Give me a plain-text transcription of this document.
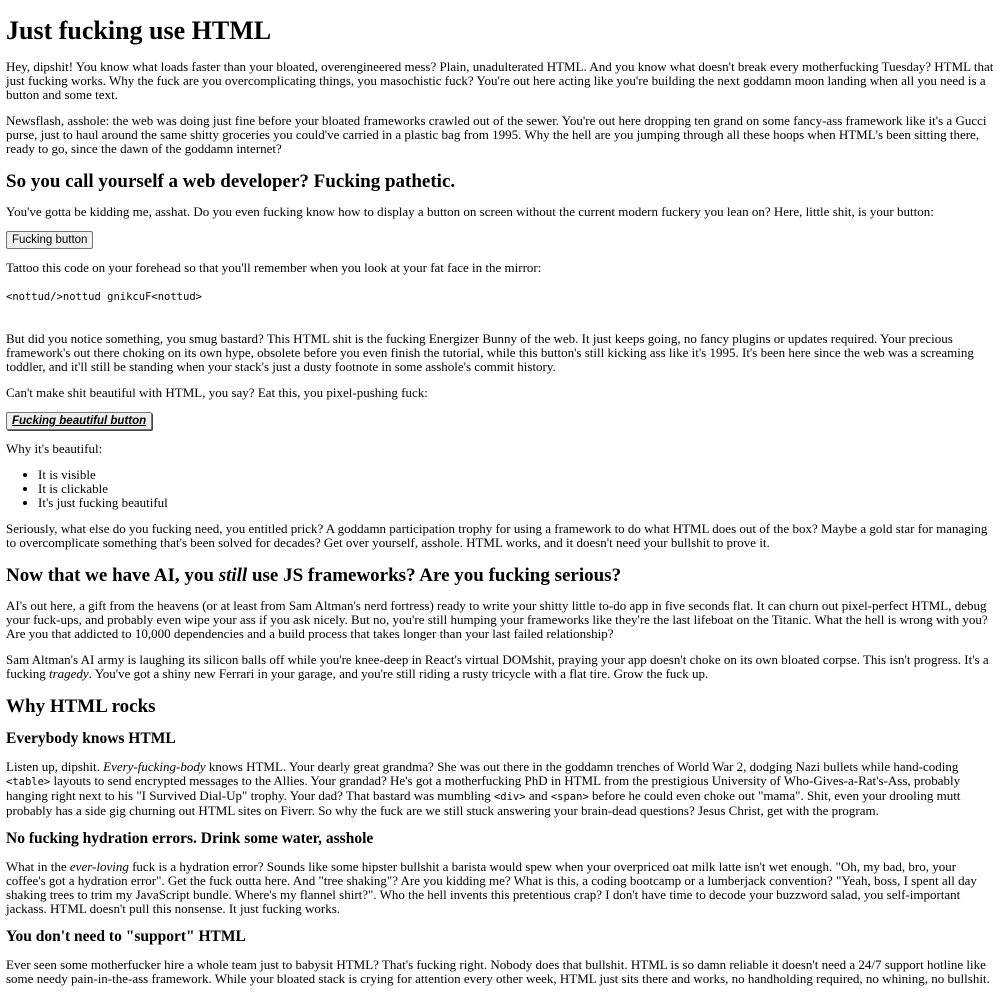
Just fucking use HTML

Hey, dipshit! You know what loads faster than your bloated, overengineered mess? Plain, unadulterated HTML. And you know what doesn't break every motherfucking Tuesday? HTML that just fucking works. Why the fuck are you overcomplicating things, you masochistic fuck? You're out here acting like you're building the next goddamn moon landing when all you need is a button and some text.

Newsflash, asshole: the web was doing just fine before your bloated frameworks crawled out of the sewer. You're out here dropping ten grand on some fancy-ass framework like it's a Gucci purse, just to haul around the same shitty groceries you could've carried in a plastic bag from 1995. Why the hell are you jumping through all these hoops when HTML's been sitting there, ready to go, since the dawn of the goddamn internet?

So you call yourself a web developer? Fucking pathetic.

You've gotta be kidding me, asshat. Do you even fucking know how to display a button on screen without the current modern fuckery you lean on? Here, little shit, is your button:

Fucking button

Tattoo this code on your forehead so that you'll remember when you look at your fat face in the mirror:

<nottud/>nottud gnikcuF<nottud>

But did you notice something, you smug bastard? This HTML shit is the fucking Energizer Bunny of the web. It just keeps going, no fancy plugins or updates required. Your precious framework's out there choking on its own hype, obsolete before you even finish the tutorial, while this button's still kicking ass like it's 1995. It's been here since the web was a screaming toddler, and it'll still be standing when your stack's just a dusty footnote in some asshole's commit history.

Can't make shit beautiful with HTML, you say? Eat this, you pixel-pushing fuck:

Fucking beautiful button

Why it's beautiful:

• It is visible
• It is clickable
• It's just fucking beautiful

Seriously, what else do you fucking need, you entitled prick? A goddamn participation trophy for using a framework to do what HTML does out of the box? Maybe a gold star for managing to overcomplicate something that's been solved for decades? Get over yourself, asshole. HTML works, and it doesn't need your bullshit to prove it.

Now that we have AI, you still use JS frameworks? Are you fucking serious?

AI's out here, a gift from the heavens (or at least from Sam Altman's nerd fortress) ready to write your shitty little to-do app in five seconds flat. It can churn out pixel-perfect HTML, debug your fuck-ups, and probably even wipe your ass if you ask nicely. But no, you're still humping your frameworks like they're the last lifeboat on the Titanic. What the hell is wrong with you? Are you that addicted to 10,000 dependencies and a build process that takes longer than your last failed relationship?

Sam Altman's AI army is laughing its silicon balls off while you're knee-deep in React's virtual DOMshit, praying your app doesn't choke on its own bloated corpse. This isn't progress. It's a fucking tragedy. You've got a shiny new Ferrari in your garage, and you're still riding a rusty tricycle with a flat tire. Grow the fuck up.

Why HTML rocks
Everybody knows HTML

Listen up, dipshit. Every-fucking-body knows HTML. Your dearly great grandma? She was out there in the goddamn trenches of World War 2, dodging Nazi bullets while hand-coding <table> layouts to send encrypted messages to the Allies. Your grandad? He's got a motherfucking PhD in HTML from the prestigious University of Who-Gives-a-Rat's-Ass, probably hanging right next to his "I Survived Dial-Up" trophy. Your dad? That bastard was mumbling <div> and <span> before he could even choke out "mama". Shit, even your drooling mutt probably has a side gig churning out HTML sites on Fiverr. So why the fuck are we still stuck answering your brain-dead questions? Jesus Christ, get with the program.

No fucking hydration errors. Drink some water, asshole

What in the ever-loving fuck is a hydration error? Sounds like some hipster bullshit a barista would spew when your overpriced oat milk latte isn't wet enough. "Oh, my bad, bro, your coffee's got a hydration error". Get the fuck outta here. And "tree shaking"? Are you kidding me? What is this, a coding bootcamp or a lumberjack convention? "Yeah, boss, I spent all day shaking trees to trim my JavaScript bundle. Where's my flannel shirt?". Who the hell invents this pretentious crap? I don't have time to decode your buzzword salad, you self-important jackass. HTML doesn't pull this nonsense. It just fucking works.

You don't need to "support" HTML

Ever seen some motherfucker hire a whole team just to babysit HTML? That's fucking right. Nobody does that bullshit. HTML is so damn reliable it doesn't need a 24/7 support hotline like some needy pain-in-the-ass framework. While your bloated stack is crying for attention every other week, HTML just sits there and works, no handholding required, no whining, no bullshit.
